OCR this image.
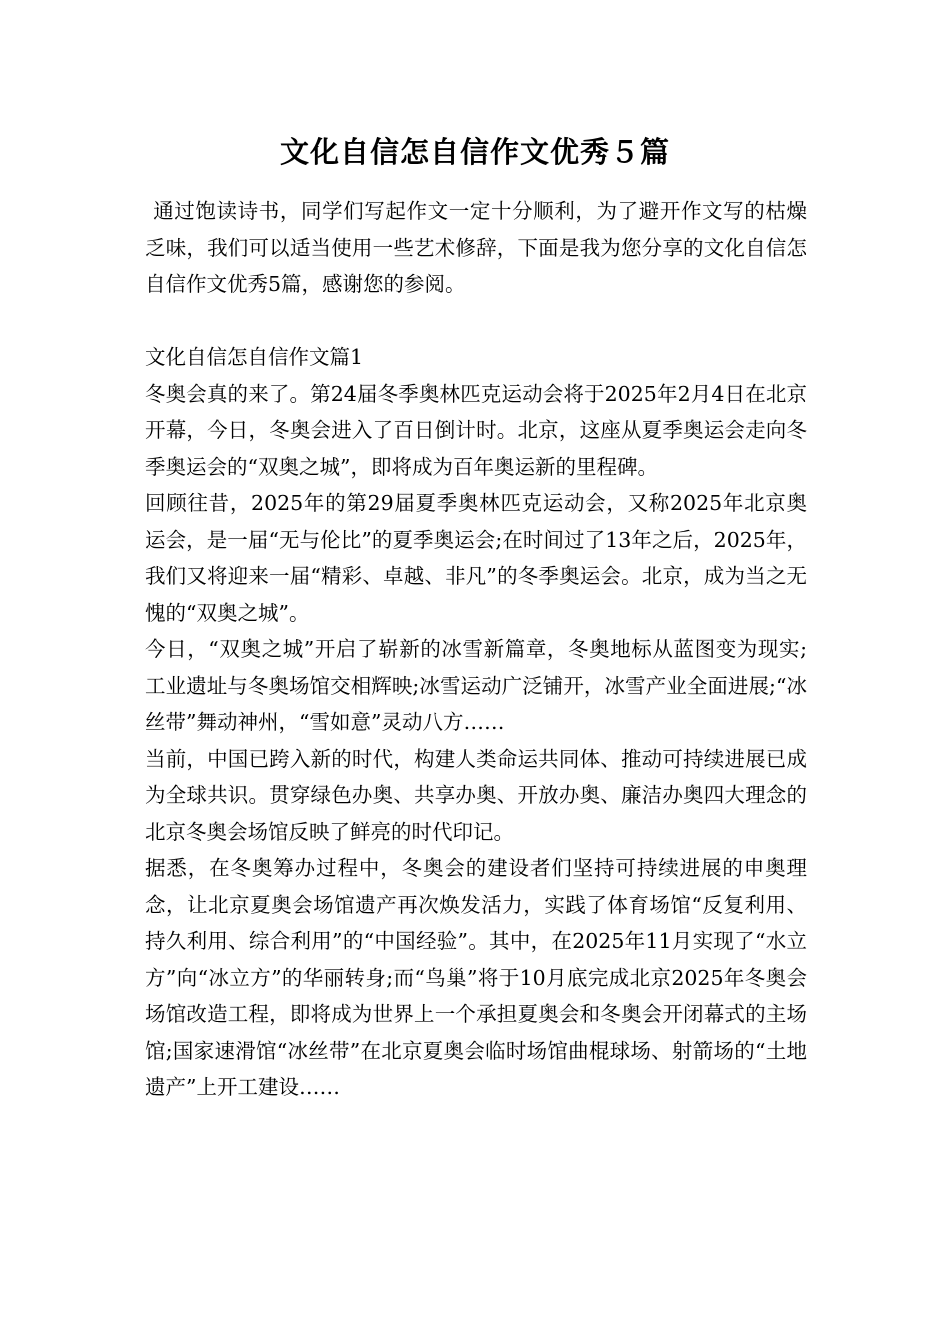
文化自信怎自信作文优秀５篇

通过饱读诗书，同学们写起作文一定十分顺利，为了避开作文写的枯燥乏味，我们可以适当使用一些艺术修辞，下面是我为您分享的文化自信怎自信作文优秀5篇，感谢您的参阅。

文化自信怎自信作文篇1

冬奥会真的来了。第24届冬季奥林匹克运动会将于2025年2月4日在北京开幕，今日，冬奥会进入了百日倒计时。北京，这座从夏季奥运会走向冬季奥运会的“双奥之城”，即将成为百年奥运新的里程碑。

回顾往昔，2025年的第29届夏季奥林匹克运动会，又称2025年北京奥运会，是一届“无与伦比”的夏季奥运会;在时间过了13年之后，2025年，我们又将迎来一届“精彩、卓越、非凡”的冬季奥运会。北京，成为当之无愧的“双奥之城”。

今日，“双奥之城”开启了崭新的冰雪新篇章，冬奥地标从蓝图变为现实;工业遗址与冬奥场馆交相辉映;冰雪运动广泛铺开，冰雪产业全面进展;“冰丝带”舞动神州，“雪如意”灵动八方……

当前，中国已跨入新的时代，构建人类命运共同体、推动可持续进展已成为全球共识。贯穿绿色办奥、共享办奥、开放办奥、廉洁办奥四大理念的北京冬奥会场馆反映了鲜亮的时代印记。

据悉，在冬奥筹办过程中，冬奥会的建设者们坚持可持续进展的申奥理念，让北京夏奥会场馆遗产再次焕发活力，实践了体育场馆“反复利用、持久利用、综合利用”的“中国经验”。其中，在2025年11月实现了“水立方”向“冰立方”的华丽转身;而“鸟巢”将于10月底完成北京2025年冬奥会场馆改造工程，即将成为世界上一个承担夏奥会和冬奥会开闭幕式的主场馆;国家速滑馆“冰丝带”在北京夏奥会临时场馆曲棍球场、射箭场的“土地遗产”上开工建设……
